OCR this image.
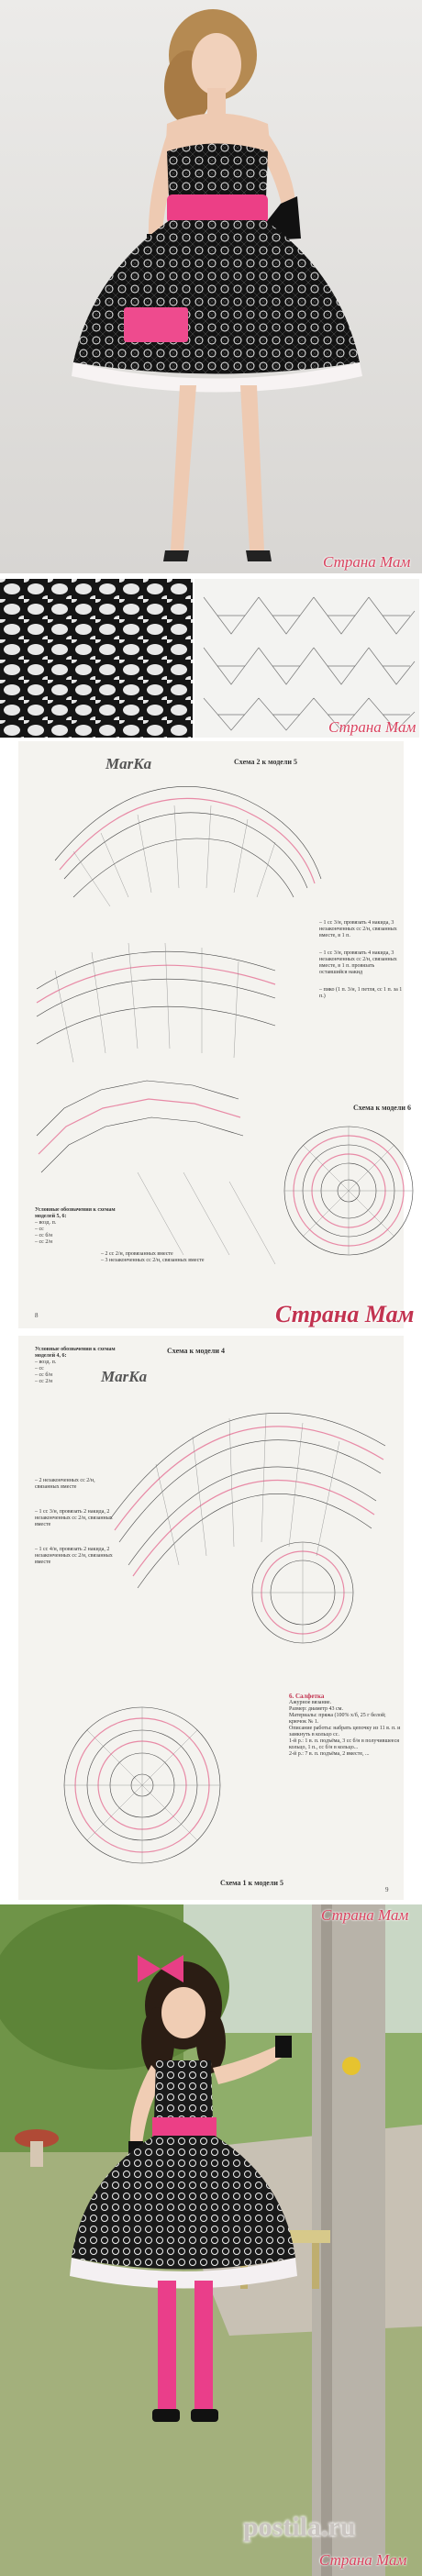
Страна Мам
Страна Мам
MarKa	Схема 2 к модели 5
Схема к модели 6
– 1 сс 3/н, провязать 4 накида, 3 незаконченных сс 2/н, связанных вместе, в 1 п.
– 1 сс 3/н, провязать 4 накида, 3 незаконченных сс 2/н, связанных вместе, в 1 п. провязать оставшийся накид
– пико (1 п. 3/н, 1 петля, сс 1 п. за 1 п.)
Условные обозначения к схемам моделей 5, 6:
– возд. п.
– сс
– сс б/н
– сс 2/н
– 2 сс 2/н, провязанных вместе
– 3 незаконченных сс 2/н, связанных вместе
8	Страна Мам
Условные обозначения к схемам моделей 4, 6:
– возд. п.
– сс
– сс б/н
– сс 2/н	MarKa
Схема к модели 4
– 2 незаконченных сс 2/н, связанных вместе
– 1 сс 3/н, провязать 2 накида, 2 незаконченных сс 2/н, связанных вместе
– 1 сс 4/н, провязать 2 накида, 2 незаконченных сс 2/н, связанных вместе
6. Салфетка
Ажурное вязание.
Размер: диаметр 43 см.
Материалы: пряжа (100% х/б, 25 г белой; крючок № 1.
Описание работы: набрать цепочку из 11 в. п. и замкнуть в кольцо сс.
1-й р.: 1 в. п. подъёма, 3 сс б/н в получившееся кольцо, 1 п., сс б/н в кольцо...
2-й р.: 7 в. п. подъёма, 2 вместе, ...
Схема 1 к модели 5
9
Страна Мам
postila.ru
Страна Мам
